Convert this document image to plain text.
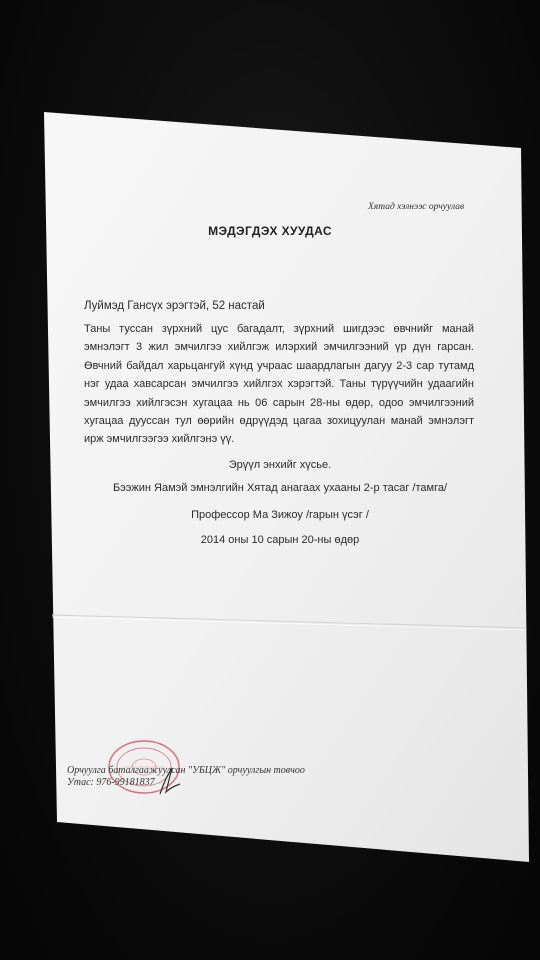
Хятад хэлнээс орчуулав

МЭДЭГДЭХ ХУУДАС

Луймэд Гансүх эрэгтэй, 52 настай

Таны туссан зүрхний цус багадалт, зүрхний шигдээс өвчнийг манай эмнэлэгт 3 жил эмчилгээ хийлгэж илэрхий эмчилгээний үр дүн гарсан. Өвчний байдал харьцангуй хүнд учраас шаардлагын дагуу 2-3 сар тутамд нэг удаа хавсарсан эмчилгээ хийлгэх хэрэгтэй. Таны түрүүчийн удаагийн эмчилгээ хийлгэсэн хугацаа нь 06 сарын 28-ны өдөр, одоо эмчилгээний хугацаа дууссан тул өөрийн өдрүүдэд цагаа зохицуулан манай эмнэлэгт ирж эмчилгээгээ хийлгэнэ үү.

Эрүүл энхийг хүсье.

Бээжин Яамэй эмнэлгийн Хятад анагаах ухааны 2-р тасаг /тамга/

Профессор Ма Зижоу /гарын үсэг /

2014 оны 10 сарын 20-ны өдөр

Орчуулга баталгаажуулсан "УБЦЖ" орчуулгын товчоо

Утас: 976-99181837
